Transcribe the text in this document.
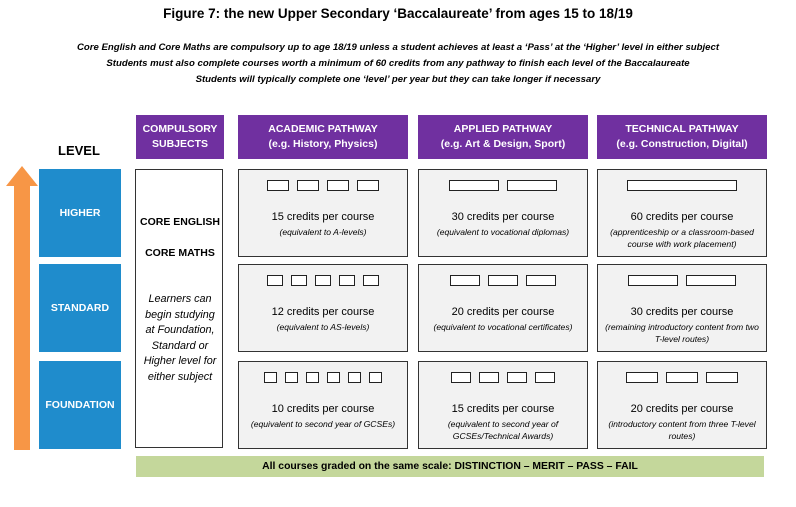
Figure 7: the new Upper Secondary ‘Baccalaureate’ from ages 15 to 18/19
Core English and Core Maths are compulsory up to age 18/19 unless a student achieves at least a ‘Pass’ at the ‘Higher’ level in either subject
Students must also complete courses worth a minimum of 60 credits from any pathway to finish each level of the Baccalaureate
Students will typically complete one ‘level’ per year but they can take longer if necessary
LEVEL
COMPULSORY
SUBJECTS
ACADEMIC PATHWAY
(e.g. History, Physics)
APPLIED PATHWAY
(e.g. Art & Design, Sport)
TECHNICAL PATHWAY
(e.g. Construction, Digital)
HIGHER
STANDARD
FOUNDATION
CORE ENGLISH
CORE MATHS
Learners can begin studying at Foundation, Standard or Higher level for either subject
15 credits per course
(equivalent to A-levels)
30 credits per course
(equivalent to vocational diplomas)
60 credits per course
(apprenticeship or a classroom-based course with work placement)
12 credits per course
(equivalent to AS-levels)
20 credits per course
(equivalent to vocational certificates)
30 credits per course
(remaining introductory content from two T-level routes)
10 credits per course
(equivalent to second year of GCSEs)
15 credits per course
(equivalent to second year of GCSEs/Technical Awards)
20 credits per course
(introductory content from three T-level routes)
All courses graded on the same scale: DISTINCTION – MERIT – PASS – FAIL
